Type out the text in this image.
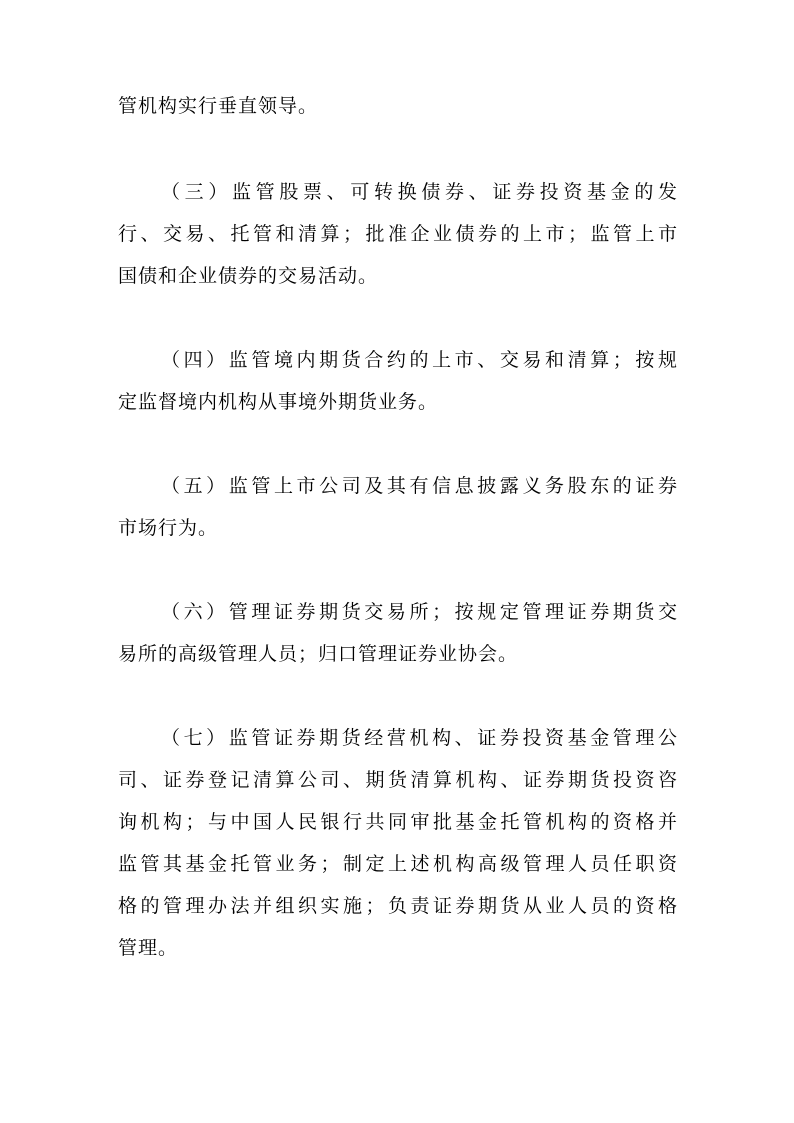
管机构实行垂直领导。
（三）监管股票、可转换债券、证券投资基金的发
行、交易、托管和清算；批准企业债券的上市；监管上市
国债和企业债券的交易活动。
（四）监管境内期货合约的上市、交易和清算；按规
定监督境内机构从事境外期货业务。
（五）监管上市公司及其有信息披露义务股东的证券
市场行为。
（六）管理证券期货交易所；按规定管理证券期货交
易所的高级管理人员；归口管理证券业协会。
（七）监管证券期货经营机构、证券投资基金管理公
司、证券登记清算公司、期货清算机构、证券期货投资咨
询机构；与中国人民银行共同审批基金托管机构的资格并
监管其基金托管业务；制定上述机构高级管理人员任职资
格的管理办法并组织实施；负责证券期货从业人员的资格
管理。
